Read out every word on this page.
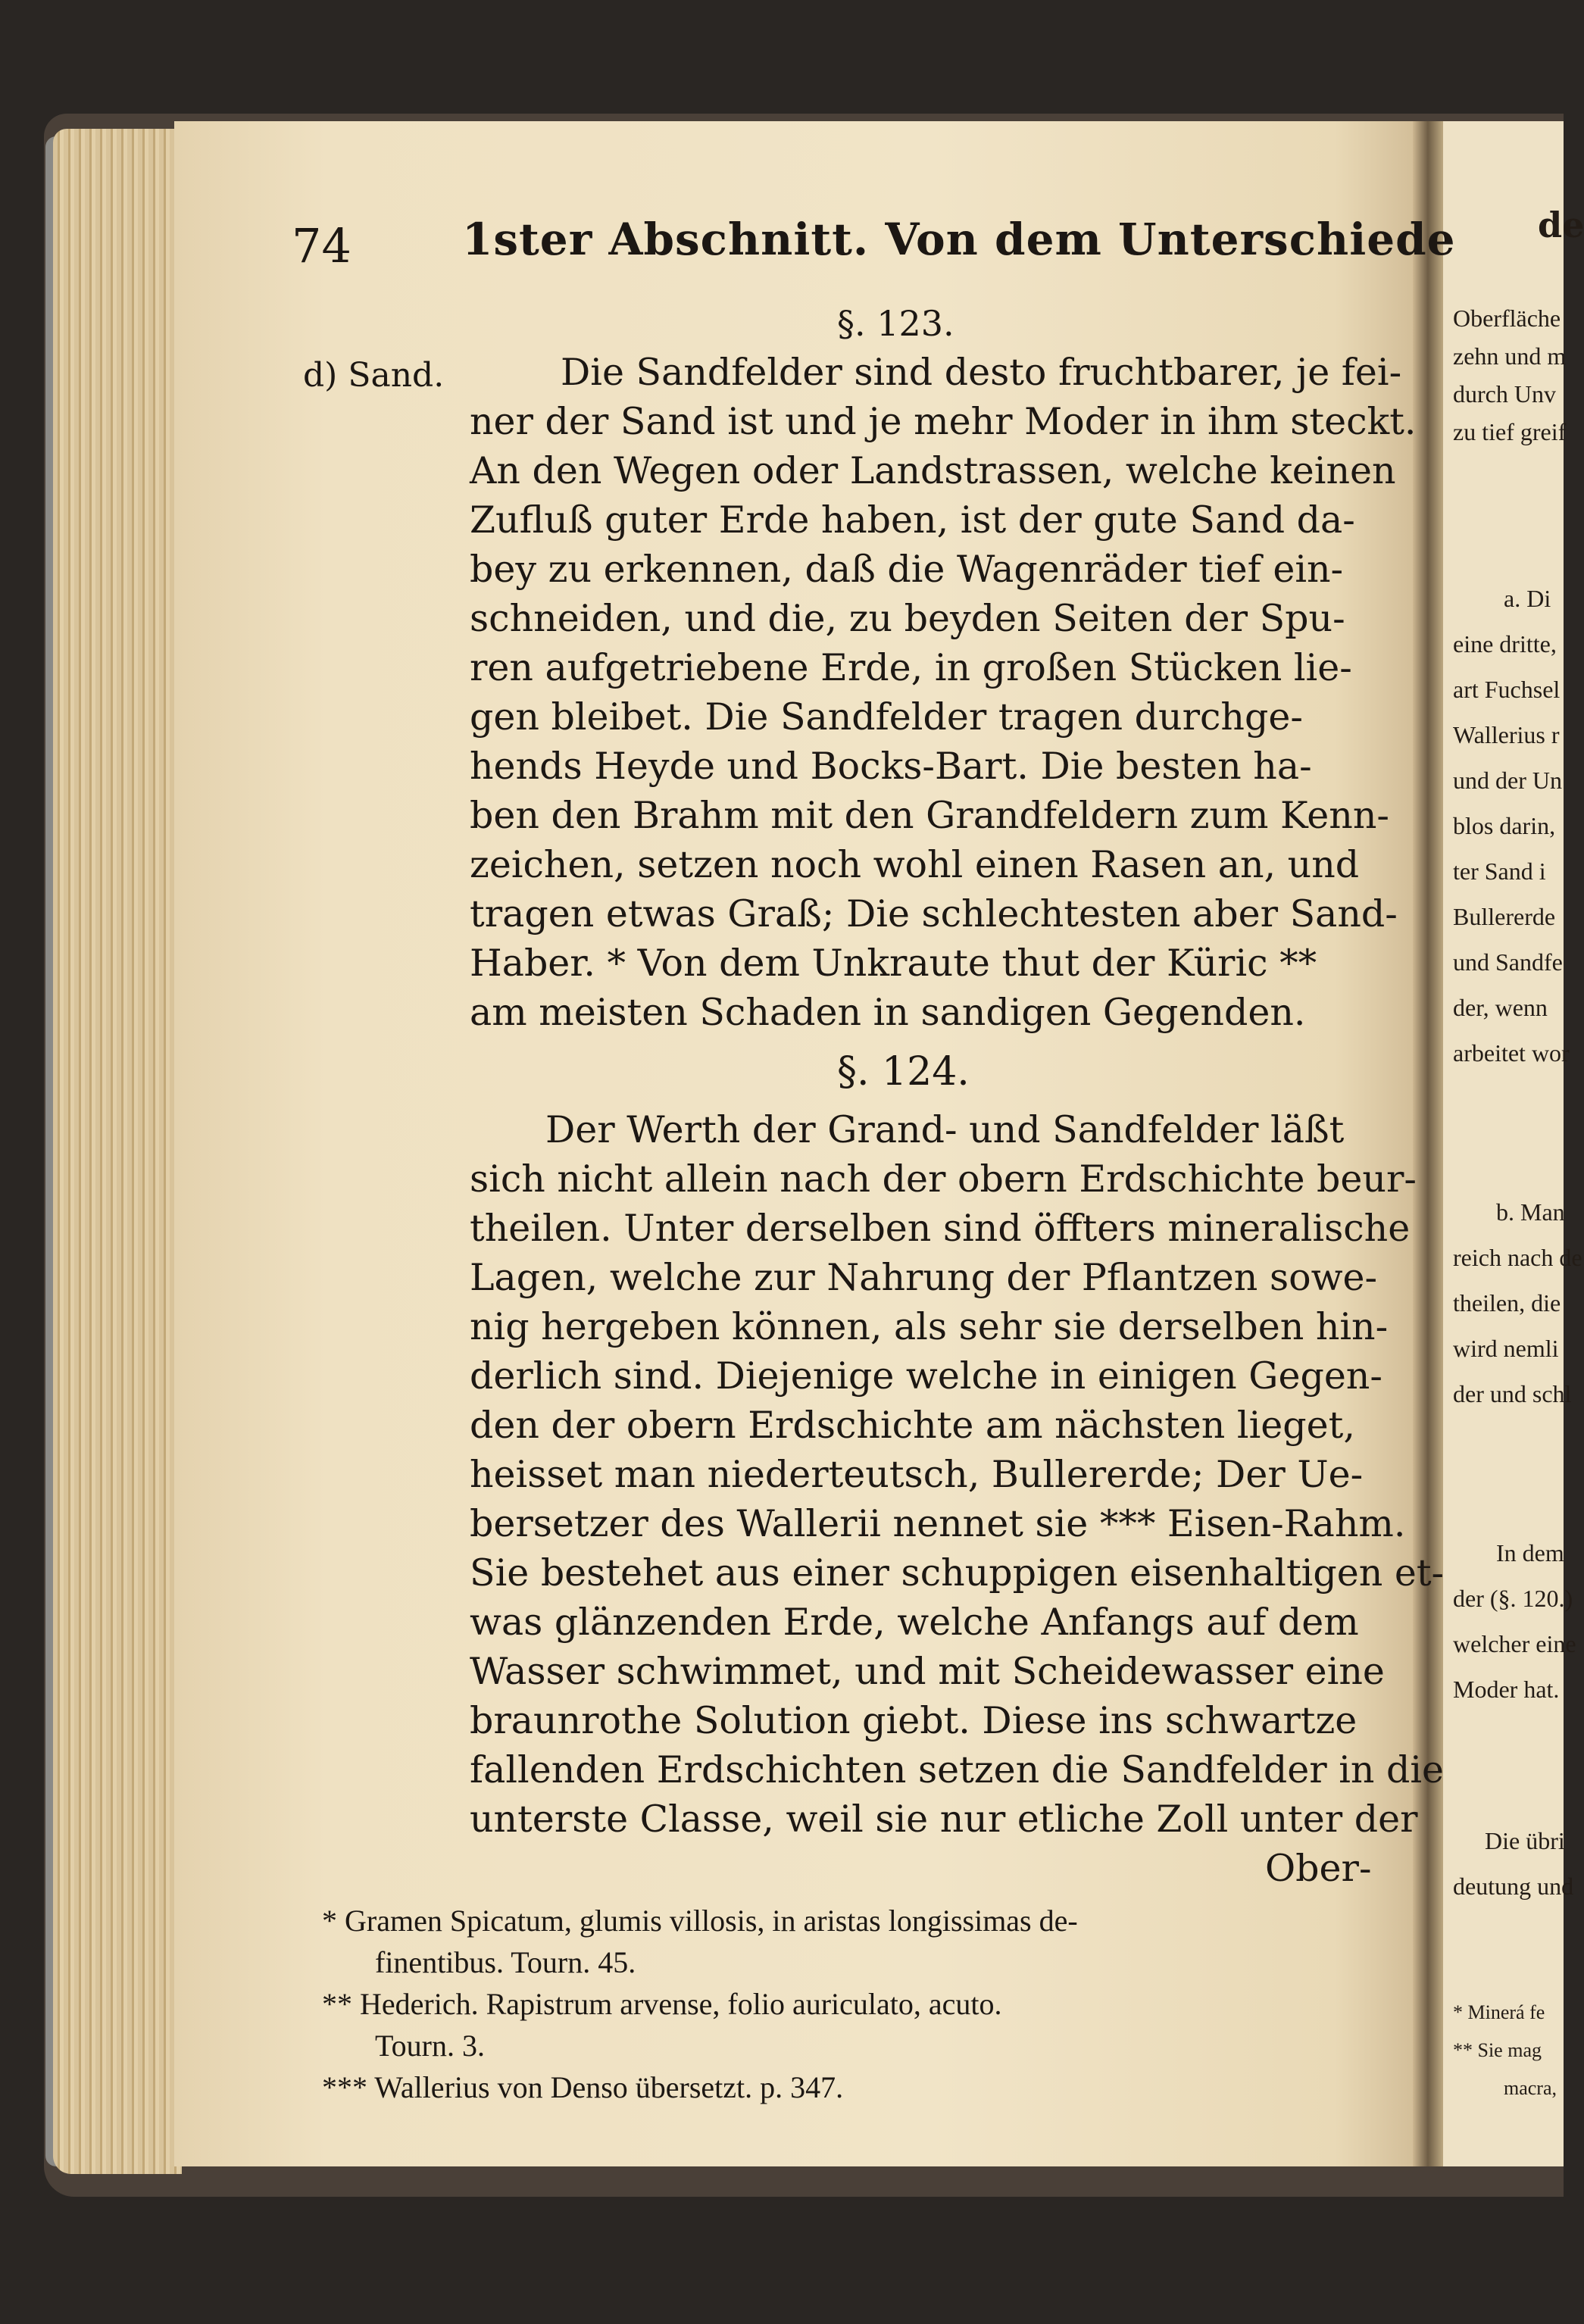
74	1ster Abschnitt. Von dem Unterschiede
§. 123.
d) Sand.	Die Sandfelder sind desto fruchtbarer, je fei-
ner der Sand ist und je mehr Moder in ihm steckt.
An den Wegen oder Landstrassen, welche keinen
Zufluß guter Erde haben, ist der gute Sand da-
bey zu erkennen, daß die Wagenräder tief ein-
schneiden, und die, zu beyden Seiten der Spu-
ren aufgetriebene Erde, in großen Stücken lie-
gen bleibet. Die Sandfelder tragen durchge-
hends Heyde und Bocks-Bart. Die besten ha-
ben den Brahm mit den Grandfeldern zum Kenn-
zeichen, setzen noch wohl einen Rasen an, und
tragen etwas Graß; Die schlechtesten aber Sand-
Haber. * Von dem Unkraute thut der Küric **
am meisten Schaden in sandigen Gegenden.
§. 124.
Der Werth der Grand- und Sandfelder läßt
sich nicht allein nach der obern Erdschichte beur-
theilen. Unter derselben sind öffters mineralische
Lagen, welche zur Nahrung der Pflantzen sowe-
nig hergeben können, als sehr sie derselben hin-
derlich sind. Diejenige welche in einigen Gegen-
den der obern Erdschichte am nächsten lieget,
heisset man niederteutsch, Bullererde; Der Ue-
bersetzer des Wallerii nennet sie *** Eisen-Rahm.
Sie bestehet aus einer schuppigen eisenhaltigen et-
was glänzenden Erde, welche Anfangs auf dem
Wasser schwimmet, und mit Scheidewasser eine
braunrothe Solution giebt. Diese ins schwartze
fallenden Erdschichten setzen die Sandfelder in die
unterste Classe, weil sie nur etliche Zoll unter der
Ober-
* Gramen Spicatum, glumis villosis, in aristas longissimas de-
finentibus. Tourn. 45.
** Hederich. Rapistrum arvense, folio auriculato, acuto.
Tourn. 3.
*** Wallerius von Denso übersetzt. p. 347.
de
Oberfläche
zehn und m
durch Unv
zu tief greif
a. Di
eine dritte,
art Fuchsel
Wallerius r
und der Un
blos darin,
ter Sand i
Bullererde
und Sandfe
der, wenn
arbeitet wor
b. Man
reich nach de
theilen, die
wird nemli
der und schl
In dem
der (§. 120.)
welcher eine
Moder hat.
Die übri
deutung und
* Minerá fe
** Sie mag
macra,
